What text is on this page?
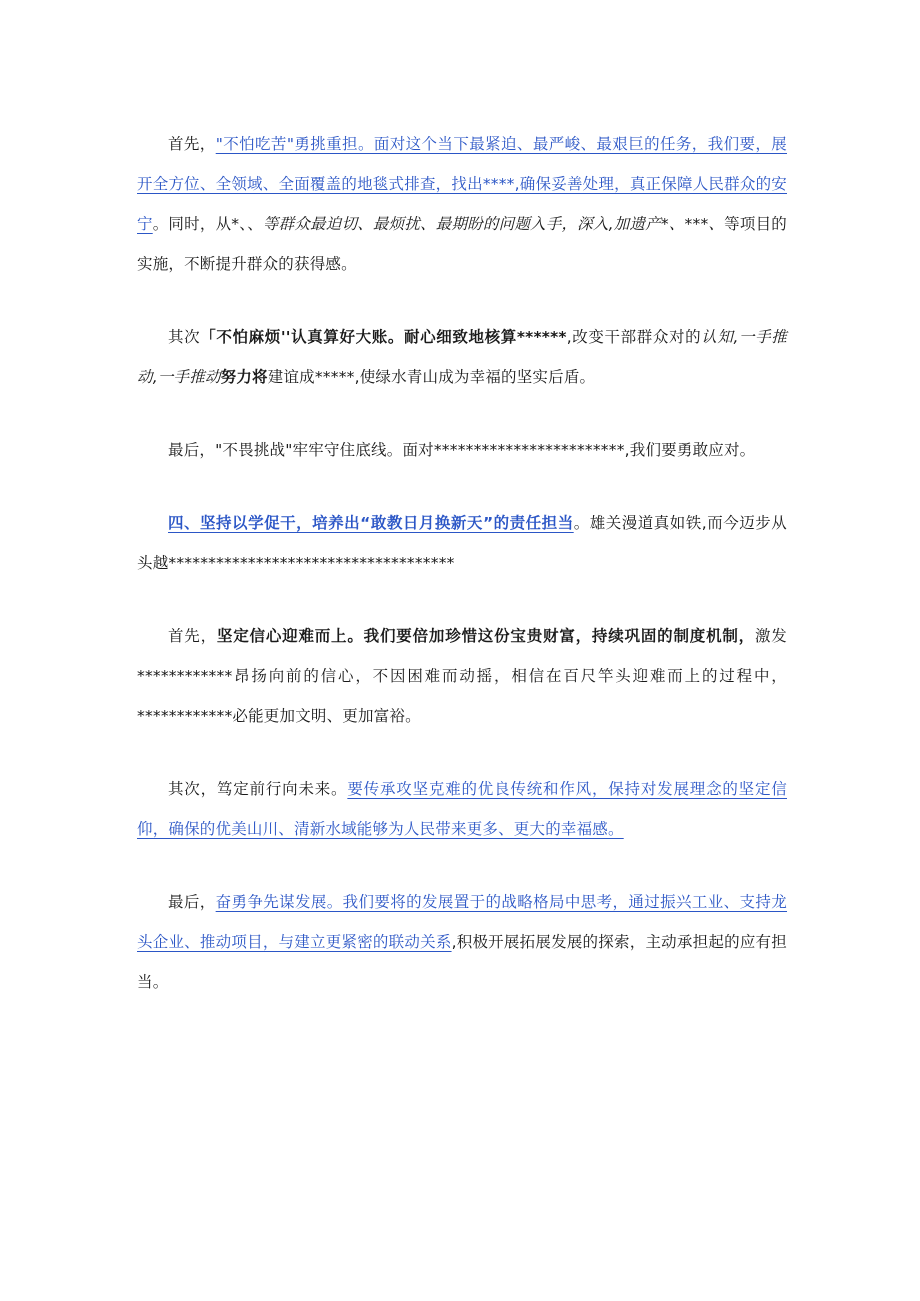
首先，"不怕吃苦"勇挑重担。面对这个当下最紧迫、最严峻、最艰巨的任务，我们要，展开全方位、全领域、全面覆盖的地毯式排查，找出****,确保妥善处理，真正保障人民群众的安宁。同时，从*、、等群众最迫切、最烦扰、最期盼的问题入手，深入,加遗产*、***、等项目的实施，不断提升群众的获得感。

其次「不怕麻烦''认真算好大账。耐心细致地核算******,改变干部群众对的认知,一手推动,一手推动努力将建谊成*****,使绿水青山成为幸福的坚实后盾。

最后，"不畏挑战"牢牢守住底线。面对************************,我们要勇敢应对。

四、坚持以学促干，培养出“敢教日月换新天”的责任担当。雄关漫道真如铁,而今迈步从头越************************************

首先，坚定信心迎难而上。我们要倍加珍惜这份宝贵财富，持续巩固的制度机制，激发************昂扬向前的信心，不因困难而动摇，相信在百尺竿头迎难而上的过程中，************必能更加文明、更加富裕。

其次，笃定前行向未来。要传承攻坚克难的优良传统和作风，保持对发展理念的坚定信仰，确保的优美山川、清新水域能够为人民带来更多、更大的幸福感。

最后，奋勇争先谋发展。我们要将的发展置于的战略格局中思考，通过振兴工业、支持龙头企业、推动项目，与建立更紧密的联动关系,积极开展拓展发展的探索，主动承担起的应有担当。
